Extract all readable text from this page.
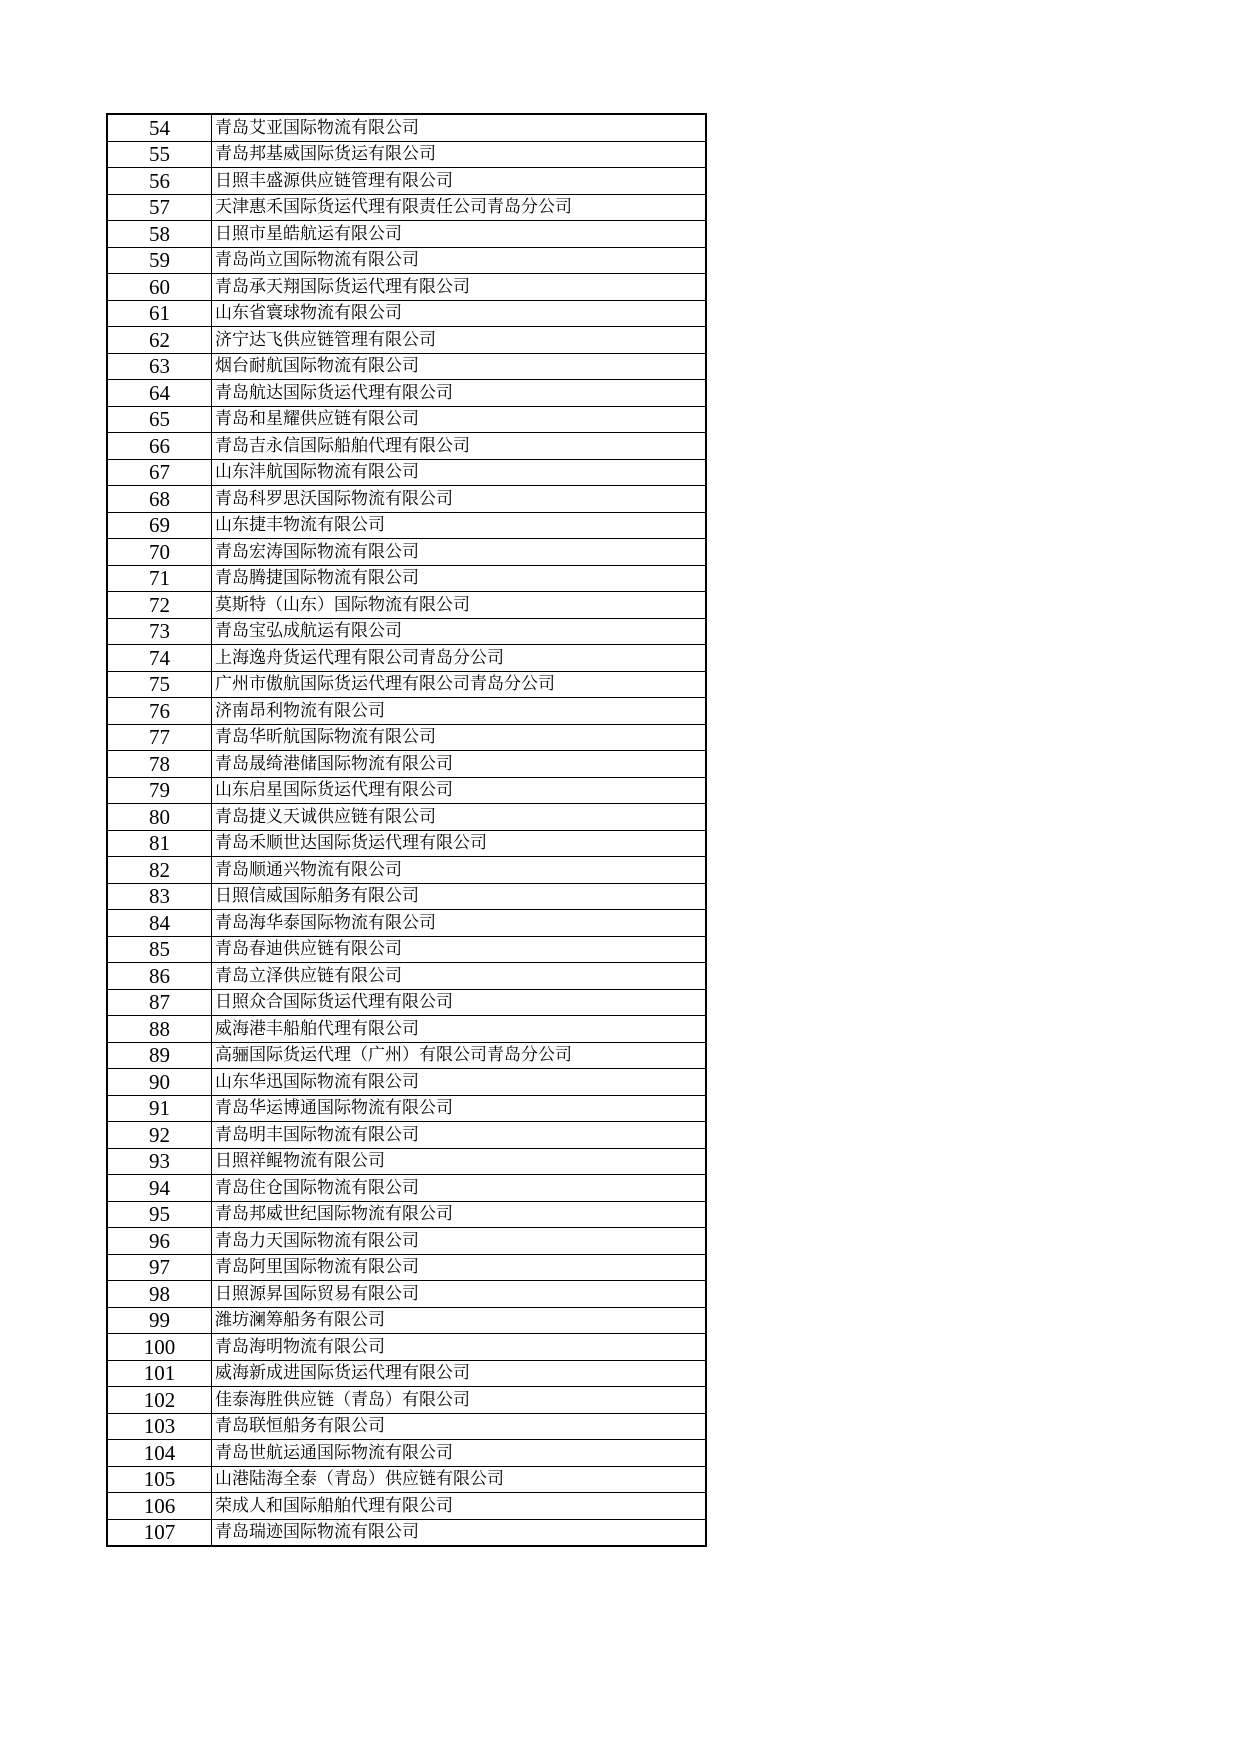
54	青岛艾亚国际物流有限公司
55	青岛邦基威国际货运有限公司
56	日照丰盛源供应链管理有限公司
57	天津惠禾国际货运代理有限责任公司青岛分公司
58	日照市星皓航运有限公司
59	青岛尚立国际物流有限公司
60	青岛承天翔国际货运代理有限公司
61	山东省寰球物流有限公司
62	济宁达飞供应链管理有限公司
63	烟台耐航国际物流有限公司
64	青岛航达国际货运代理有限公司
65	青岛和星耀供应链有限公司
66	青岛吉永信国际船舶代理有限公司
67	山东沣航国际物流有限公司
68	青岛科罗思沃国际物流有限公司
69	山东捷丰物流有限公司
70	青岛宏涛国际物流有限公司
71	青岛腾捷国际物流有限公司
72	莫斯特（山东）国际物流有限公司
73	青岛宝弘成航运有限公司
74	上海逸舟货运代理有限公司青岛分公司
75	广州市傲航国际货运代理有限公司青岛分公司
76	济南昂利物流有限公司
77	青岛华昕航国际物流有限公司
78	青岛晟绮港储国际物流有限公司
79	山东启星国际货运代理有限公司
80	青岛捷义天诚供应链有限公司
81	青岛禾顺世达国际货运代理有限公司
82	青岛顺通兴物流有限公司
83	日照信威国际船务有限公司
84	青岛海华泰国际物流有限公司
85	青岛春迪供应链有限公司
86	青岛立泽供应链有限公司
87	日照众合国际货运代理有限公司
88	威海港丰船舶代理有限公司
89	高骊国际货运代理（广州）有限公司青岛分公司
90	山东华迅国际物流有限公司
91	青岛华运博通国际物流有限公司
92	青岛明丰国际物流有限公司
93	日照祥鲲物流有限公司
94	青岛住仓国际物流有限公司
95	青岛邦威世纪国际物流有限公司
96	青岛力天国际物流有限公司
97	青岛阿里国际物流有限公司
98	日照源昇国际贸易有限公司
99	潍坊澜筹船务有限公司
100	青岛海明物流有限公司
101	威海新成进国际货运代理有限公司
102	佳泰海胜供应链（青岛）有限公司
103	青岛联恒船务有限公司
104	青岛世航运通国际物流有限公司
105	山港陆海全泰（青岛）供应链有限公司
106	荣成人和国际船舶代理有限公司
107	青岛瑞迹国际物流有限公司
